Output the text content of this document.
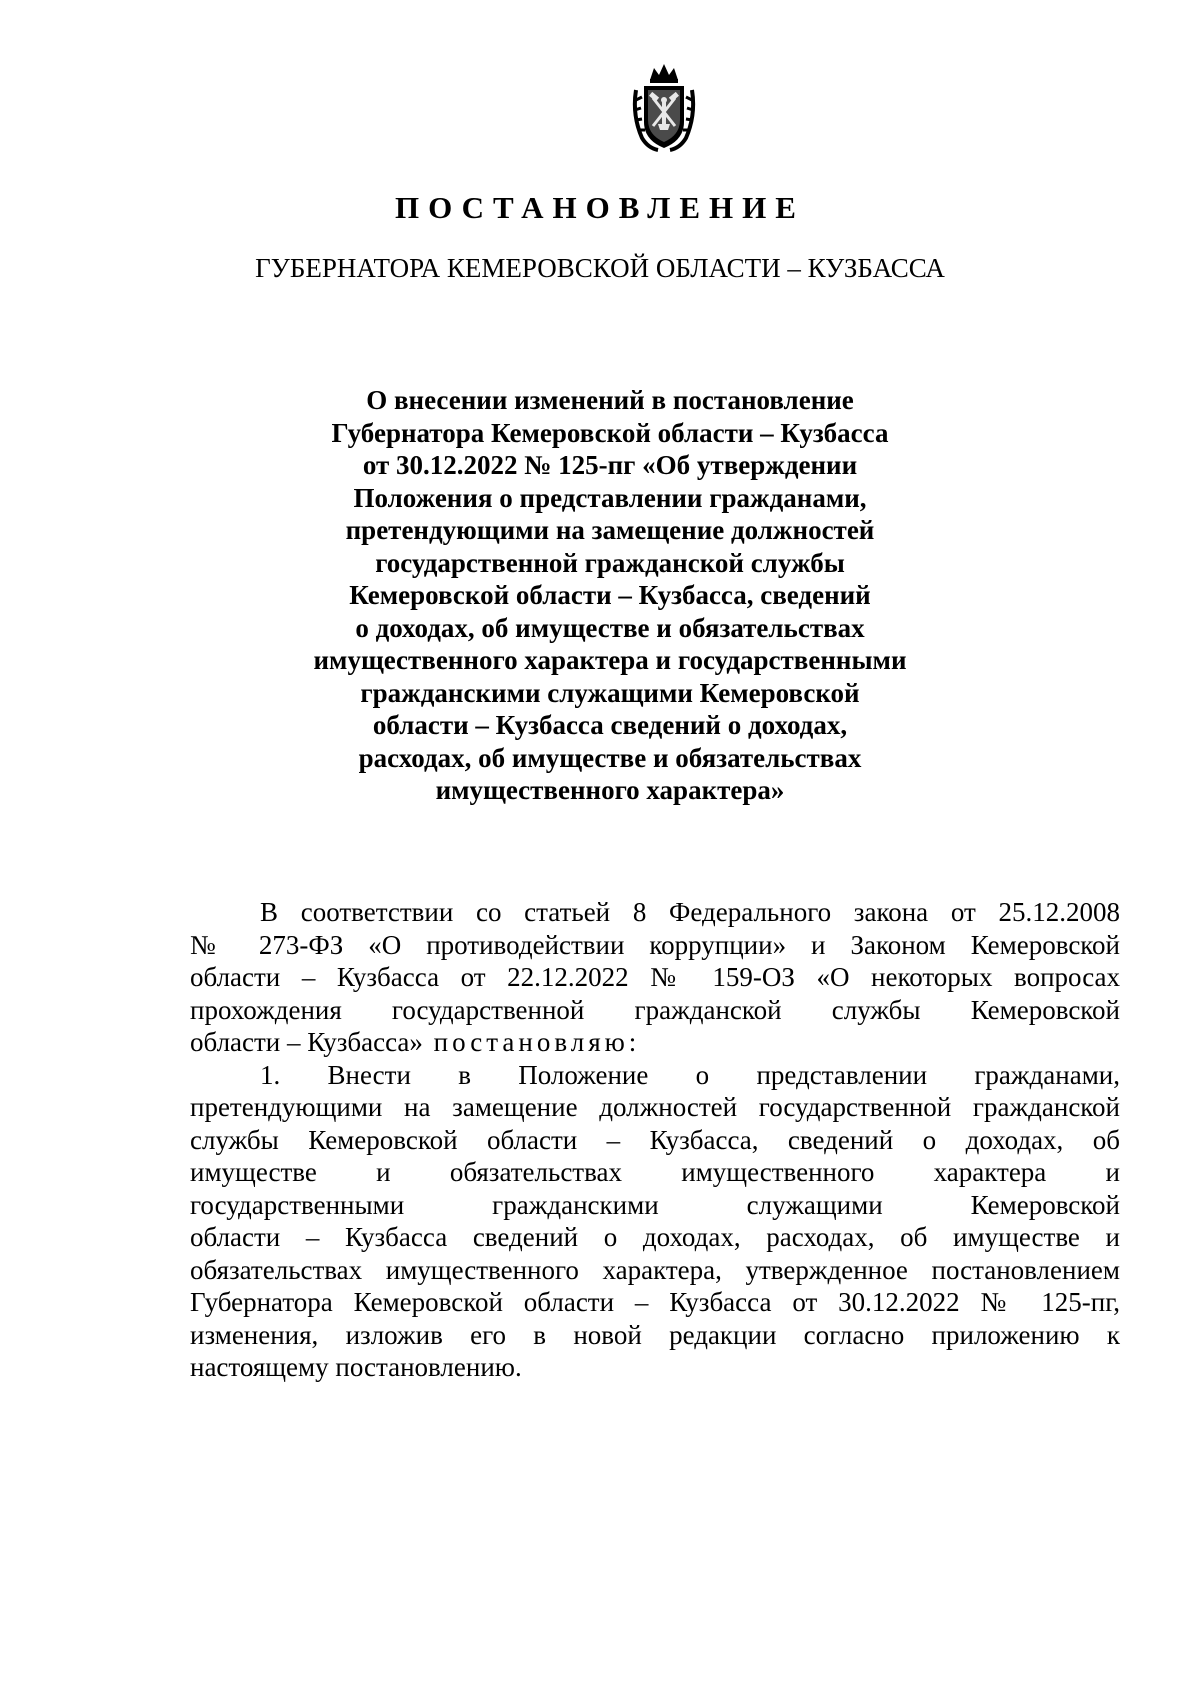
ПОСТАНОВЛЕНИЕ
ГУБЕРНАТОРА КЕМЕРОВСКОЙ ОБЛАСТИ – КУЗБАССА
О внесении изменений в постановление
Губернатора Кемеровской области – Кузбасса
от 30.12.2022 № 125-пг «Об утверждении
Положения о представлении гражданами,
претендующими на замещение должностей
государственной гражданской службы
Кемеровской области – Кузбасса, сведений
о доходах, об имуществе и обязательствах
имущественного характера и государственными
гражданскими служащими Кемеровской
области – Кузбасса сведений о доходах,
расходах, об имуществе и обязательствах
имущественного характера»
В соответствии со статьей 8 Федерального закона от 25.12.2008
№ 273-ФЗ «О противодействии коррупции» и Законом Кемеровской
области – Кузбасса от 22.12.2022 № 159-ОЗ «О некоторых вопросах
прохождения государственной гражданской службы Кемеровской
области – Кузбасса» постановляю:
1. Внести в Положение о представлении гражданами,
претендующими на замещение должностей государственной гражданской
службы Кемеровской области – Кузбасса, сведений о доходах, об
имуществе и обязательствах имущественного характера и
государственными гражданскими служащими Кемеровской
области – Кузбасса сведений о доходах, расходах, об имуществе и
обязательствах имущественного характера, утвержденное постановлением
Губернатора Кемеровской области – Кузбасса от 30.12.2022 № 125-пг,
изменения, изложив его в новой редакции согласно приложению к
настоящему постановлению.
